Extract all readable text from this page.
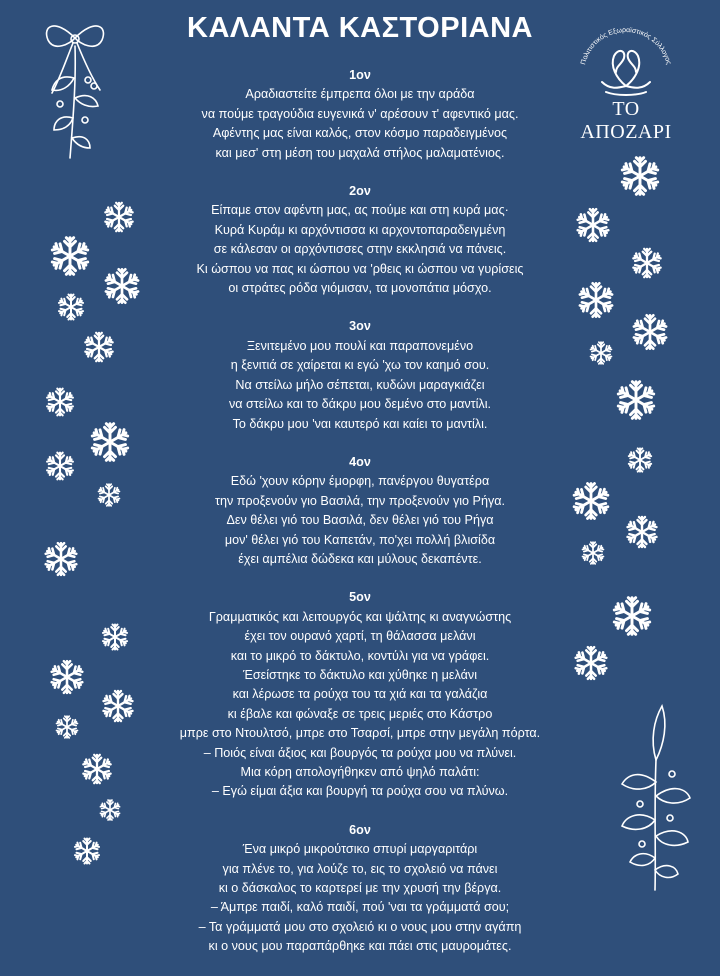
ΚΑΛΑΝΤΑ ΚΑΣΤΟΡΙΑΝΑ
Πολιτιστικός Εξωραϊστικός Σύλλογος
ΤΟ ΑΠΟΖΑΡΙ
1ον
Αραδιαστείτε έμπρεπα όλοι με την αράδα
να πούμε τραγούδια ευγενικά ν' αρέσουν τ' αφεντικό μας.
Αφέντης μας είναι καλός, στον κόσμο παραδειγμένος
και μεσ' στη μέση του μαχαλά στήλος μαλαματένιος.
2ον
Είπαμε στον αφέντη μας, ας πούμε και στη κυρά μας·
Κυρά Κυράμ κι αρχόντισσα κι αρχοντοπαραδειγμένη
σε κάλεσαν οι αρχόντισσες στην εκκλησιά να πάνεις.
Κι ώσπου να πας κι ώσπου να 'ρθεις κι ώσπου να γυρίσεις
οι στράτες ρόδα γιόμισαν, τα μονοπάτια μόσχο.
3ον
Ξενιτεμένο μου πουλί και παραπονεμένο
η ξενιτιά σε χαίρεται κι εγώ 'χω τον καημό σου.
Να στείλω μήλο σέπεται, κυδώνι μαραγκιάζει
να στείλω και το δάκρυ μου δεμένο στο μαντίλι.
Το δάκρυ μου 'ναι καυτερό και καίει το μαντίλι.
4ον
Εδώ 'χουν κόρην έμορφη, πανέργου θυγατέρα
την προξενούν γιο Βασιλά, την προξενούν γιο Ρήγα.
Δεν θέλει γιό του Βασιλά, δεν θέλει γιό του Ρήγα
μον' θέλει γιό του Καπετάν, πο'χει πολλή βλισίδα
έχει αμπέλια δώδεκα και μύλους δεκαπέντε.
5ον
Γραμματικός και λειτουργός και ψάλτης κι αναγνώστης
έχει τον ουρανό χαρτί, τη θάλασσα μελάνι
και το μικρό το δάκτυλο, κοντύλι για να γράφει.
Έσείστηκε το δάκτυλο και χύθηκε η μελάνι
και λέρωσε τα ρούχα του τα χιά και τα γαλάζια
κι έβαλε και φώναξε σε τρεις μεριές στο Κάστρο
μπρε στο Ντουλτσό, μπρε στο Τσαρσί, μπρε στην μεγάλη πόρτα.
– Ποιός είναι άξιος και βουργός τα ρούχα μου να πλύνει.
Μια κόρη απολογήθηκεν από ψηλό παλάτι:
– Εγώ είμαι άξια και βουργή τα ρούχα σου να πλύνω.
6ον
Ένα μικρό μικρούτσικο σπυρί μαργαριτάρι
για πλένε το, για λούζε το, εις το σχολειό να πάνει
κι ο δάσκαλος το καρτερεί με την χρυσή την βέργα.
– Άμπρε παιδί, καλό παιδί, πού 'ναι τα γράμματά σου;
– Τα γράμματά μου στο σχολειό κι ο νους μου στην αγάπη
κι ο νους μου παραπάρθηκε και πάει στις μαυρομάτες.
